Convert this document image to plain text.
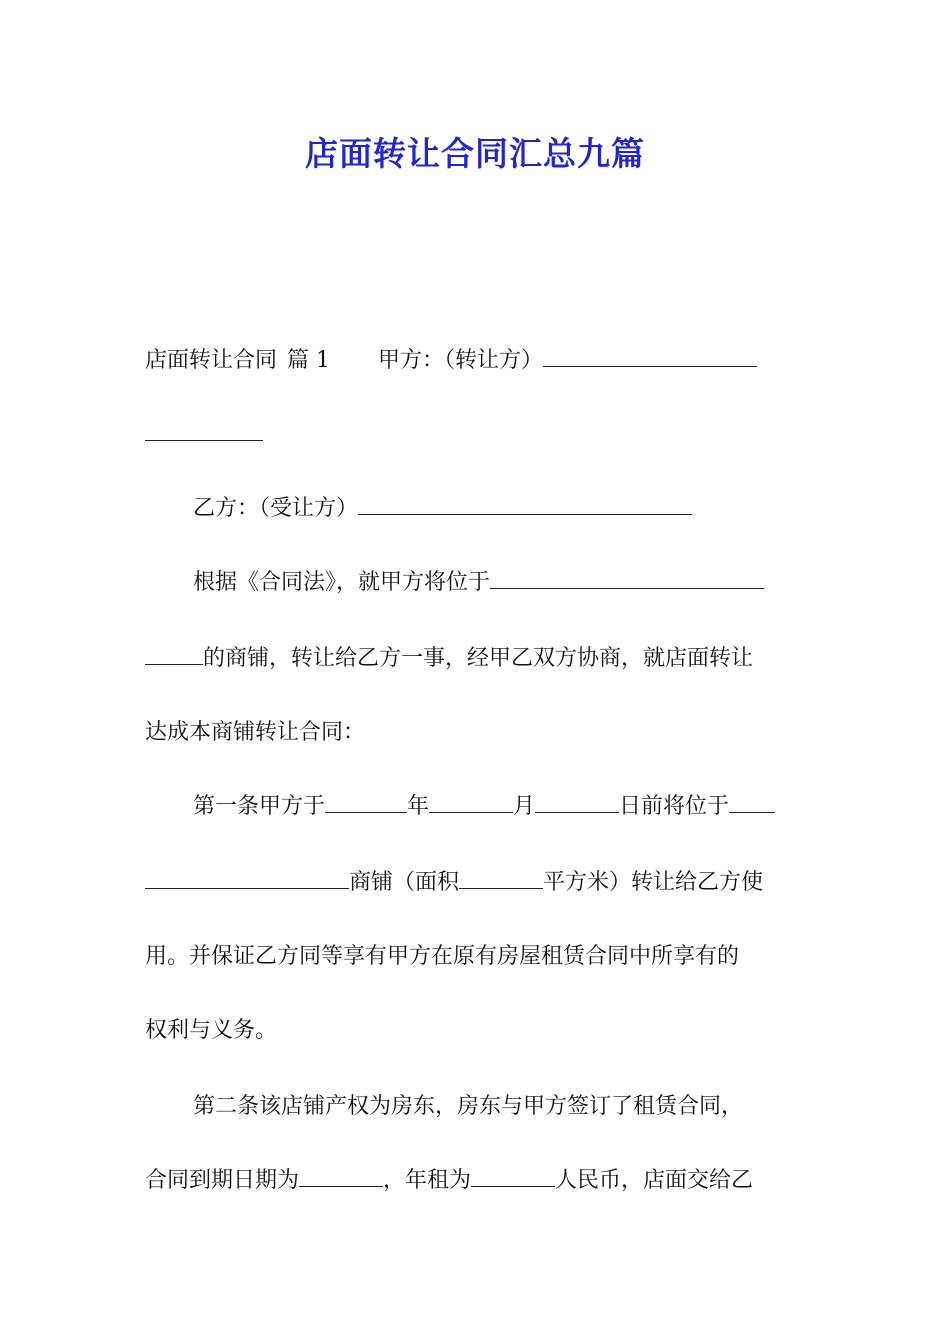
店面转让合同汇总九篇
店面转让合同 篇 1 甲方：（转让方）
乙方：（受让方）
根据《合同法》，就甲方将位于
的商铺，转让给乙方一事，经甲乙双方协商，就店面转让
达成本商铺转让合同：
第一条甲方于	年	月	日前将位于
商铺（面积	平方米）转让给乙方使
用。并保证乙方同等享有甲方在原有房屋租赁合同中所享有的
权利与义务。
第二条该店铺产权为房东，房东与甲方签订了租赁合同，
合同到期日期为	，年租为	人民币，店面交给乙
